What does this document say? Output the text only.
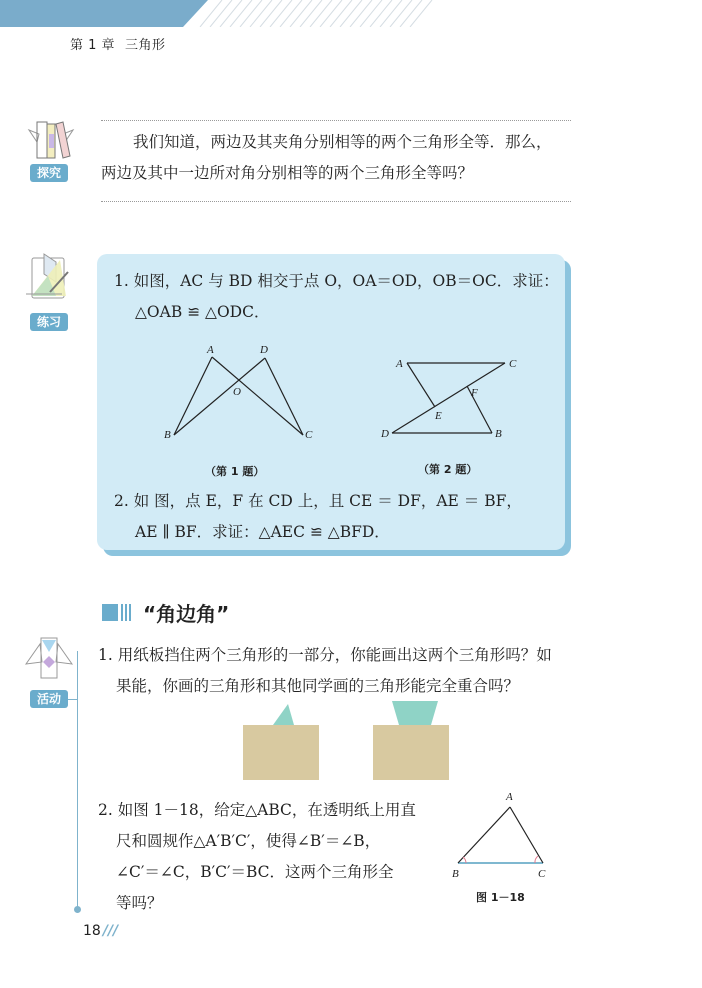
第 1 章 三角形
探究
我们知道，两边及其夹角分别相等的两个三角形全等．那么，
两边及其中一边所对角分别相等的两个三角形全等吗？
练习
1. 如图，AC 与 BD 相交于点 O，OA＝OD，OB＝OC．求证：
△OAB ≌ △ODC．
A	D
O
B	C
（第 1 题）
A	C
F
E
D	B
（第 2 题）
2. 如 图，点 E，F 在 CD 上，且 CE ＝ DF，AE ＝ BF，
AE ∥ BF．求证：△AEC ≌ △BFD．
“角边角”
活动
1. 用纸板挡住两个三角形的一部分，你能画出这两个三角形吗？如
果能，你画的三角形和其他同学画的三角形能完全重合吗？
2. 如图 1－18，给定△ABC，在透明纸上用直
尺和圆规作△A′B′C′，使得∠B′＝∠B，
∠C′＝∠C，B′C′＝BC．这两个三角形全
等吗？
A
B	C
图 1－18
18 ///
